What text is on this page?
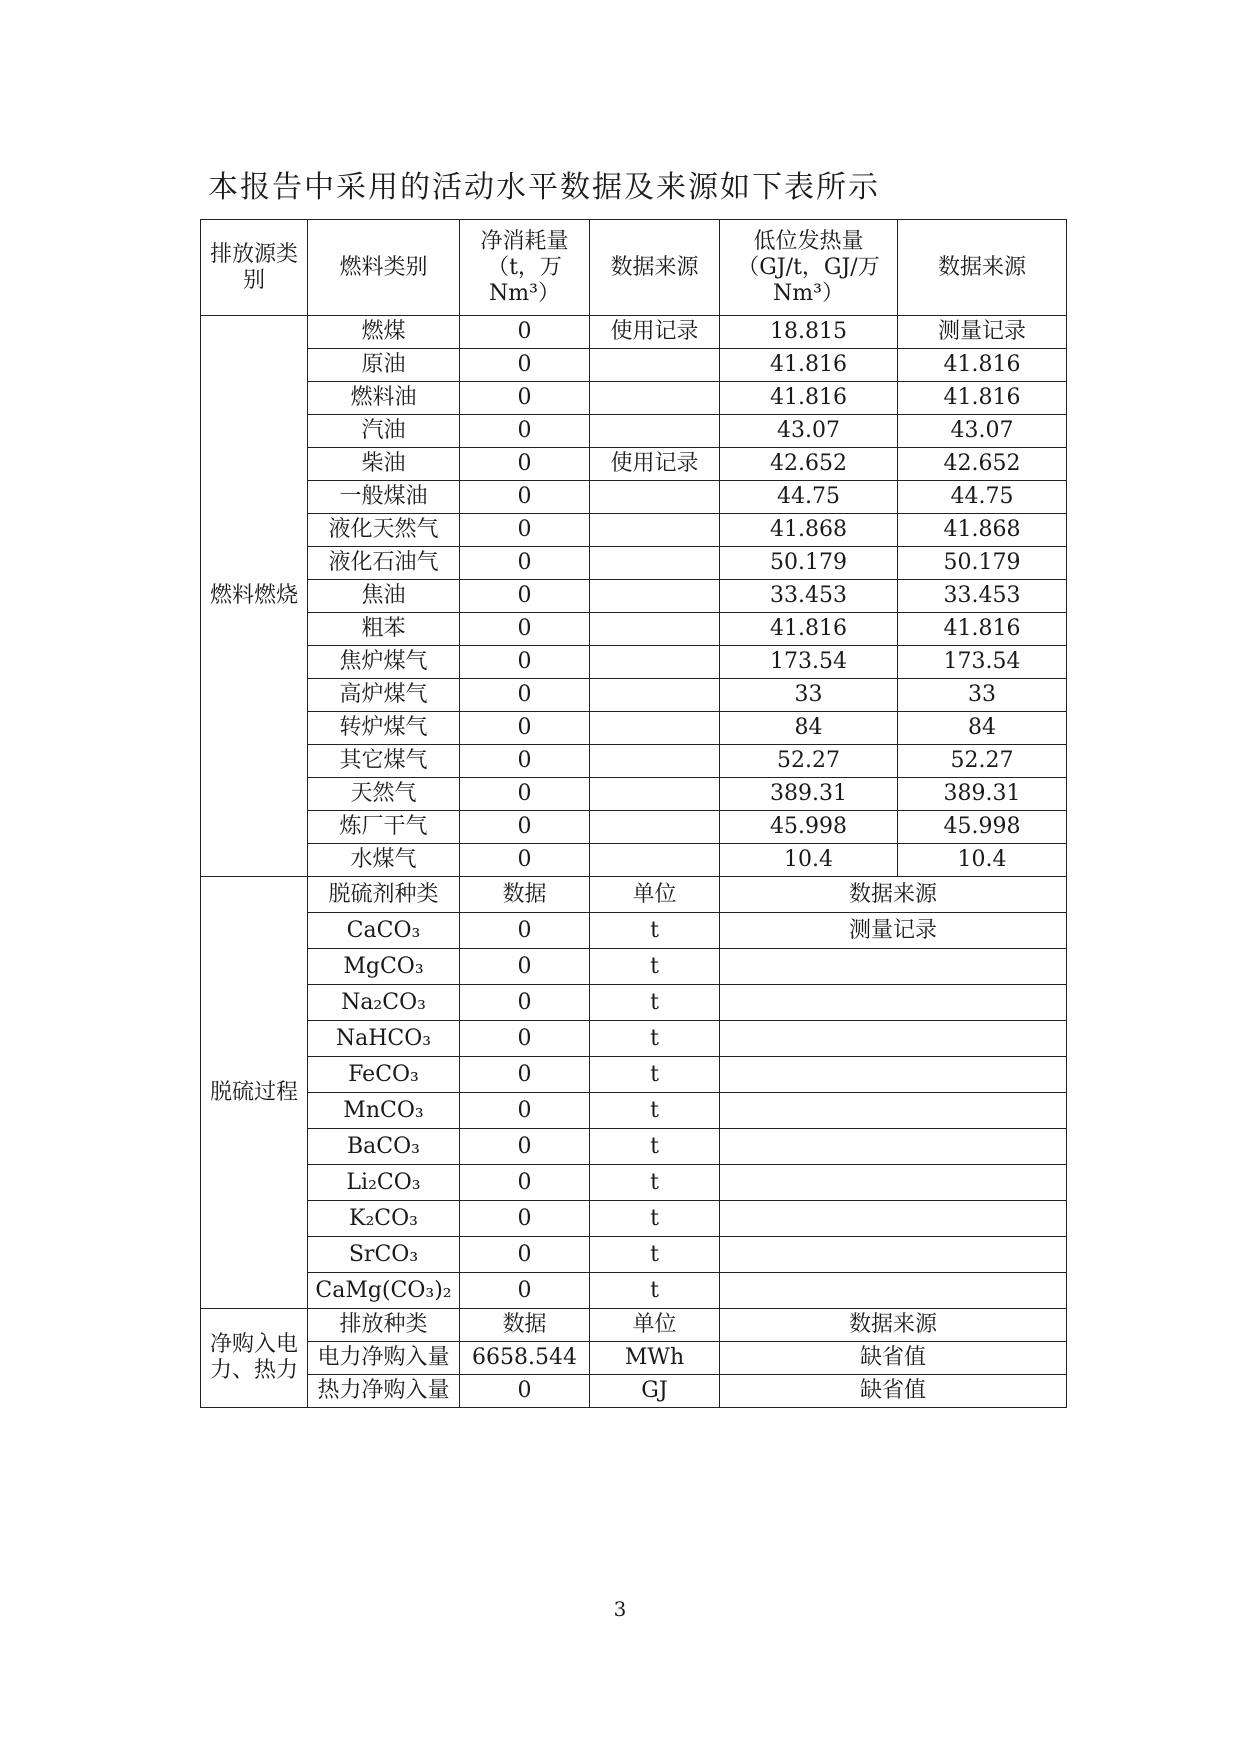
本报告中采用的活动水平数据及来源如下表所示
排放源类别	燃料类别	净消耗量（t，万 Nm³）	数据来源	低位发热量（GJ/t，GJ/万 Nm³）	数据来源
燃料燃烧	燃煤	0	使用记录	18.815	测量记录
	原油	0		41.816	41.816
	燃料油	0		41.816	41.816
	汽油	0		43.07	43.07
	柴油	0	使用记录	42.652	42.652
	一般煤油	0		44.75	44.75
	液化天然气	0		41.868	41.868
	液化石油气	0		50.179	50.179
	焦油	0		33.453	33.453
	粗苯	0		41.816	41.816
	焦炉煤气	0		173.54	173.54
	高炉煤气	0		33	33
	转炉煤气	0		84	84
	其它煤气	0		52.27	52.27
	天然气	0		389.31	389.31
	炼厂干气	0		45.998	45.998
	水煤气	0		10.4	10.4
脱硫过程	脱硫剂种类	数据	单位	数据来源	
	CaCO₃	0	t	测量记录	
	MgCO₃	0	t		
	Na₂CO₃	0	t		
	NaHCO₃	0	t		
	FeCO₃	0	t		
	MnCO₃	0	t		
	BaCO₃	0	t		
	Li₂CO₃	0	t		
	K₂CO₃	0	t		
	SrCO₃	0	t		
	CaMg(CO₃)₂	0	t		
净购入电力、热力	排放种类	数据	单位	数据来源	
	电力净购入量	6658.544	MWh	缺省值	
	热力净购入量	0	GJ	缺省值	
3
